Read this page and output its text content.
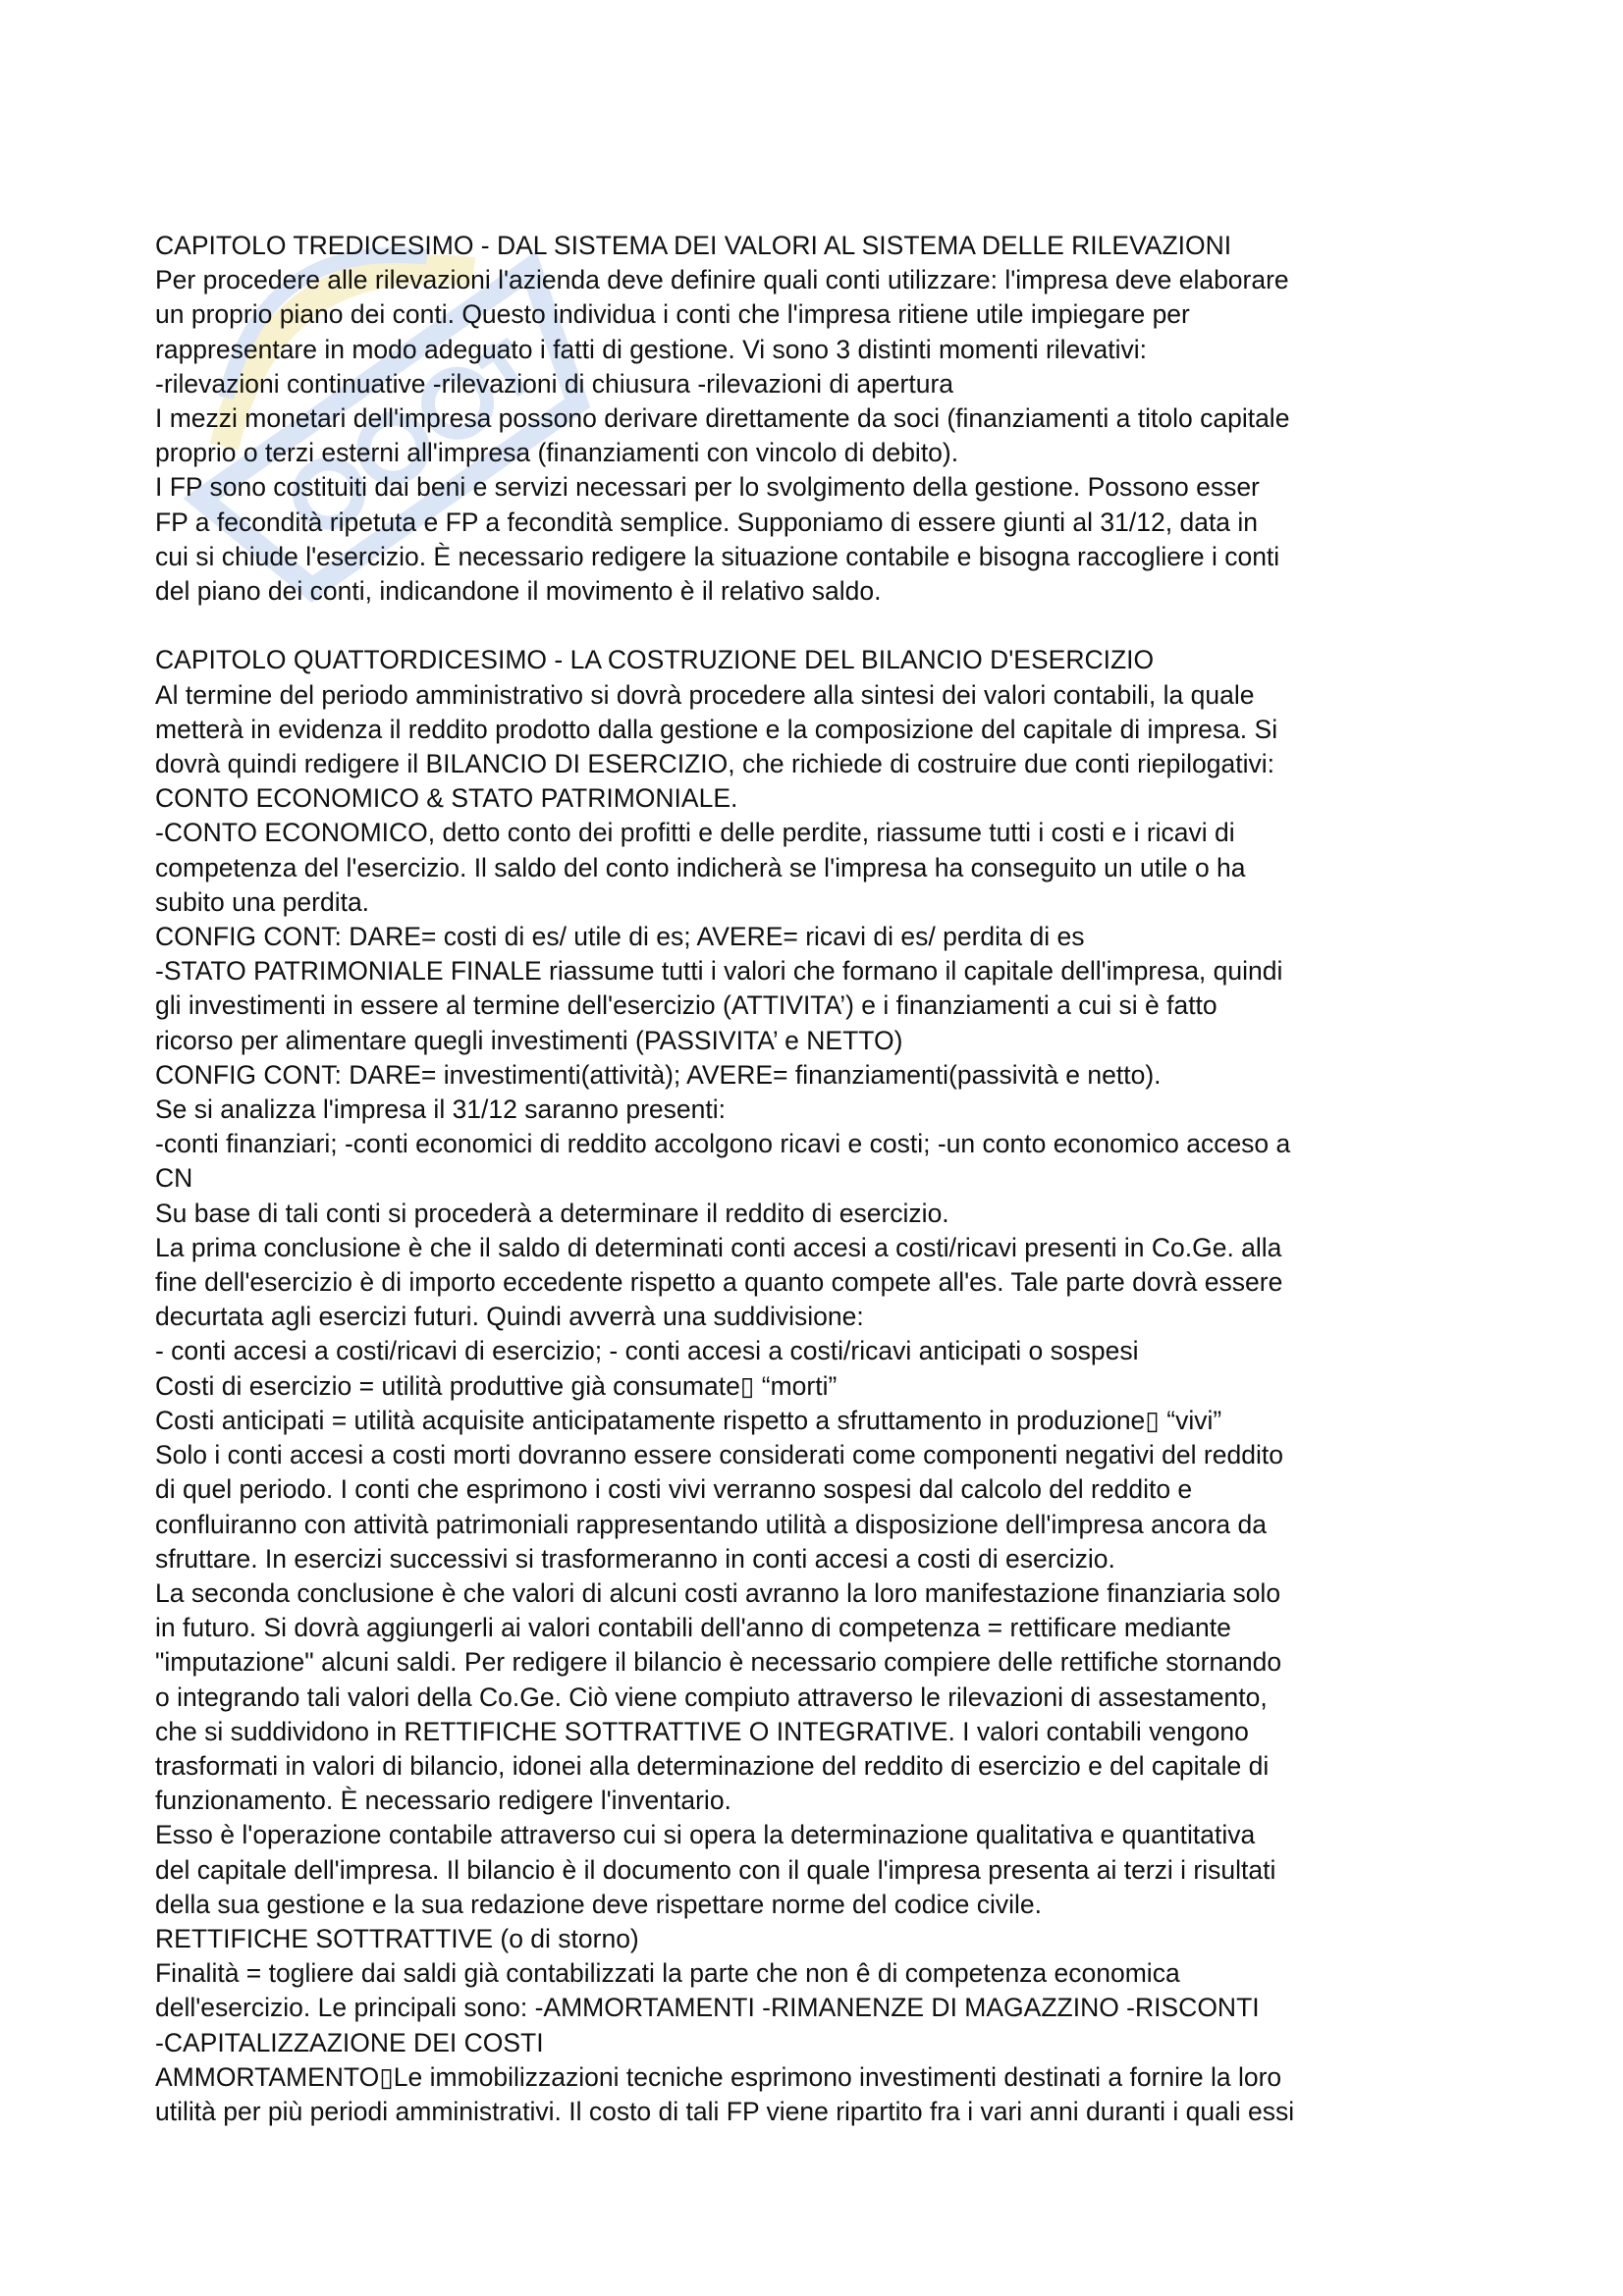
CAPITOLO TREDICESIMO - DAL SISTEMA DEI VALORI AL SISTEMA DELLE RILEVAZIONI

Per procedere alle rilevazioni l'azienda deve definire quali conti utilizzare: l'impresa deve elaborare

un proprio piano dei conti. Questo individua i conti che l'impresa ritiene utile impiegare per

rappresentare in modo adeguato i fatti di gestione. Vi sono 3 distinti momenti rilevativi:

-rilevazioni continuative -rilevazioni di chiusura -rilevazioni di apertura

I mezzi monetari dell'impresa possono derivare direttamente da soci (finanziamenti a titolo capitale

proprio o terzi esterni all'impresa (finanziamenti con vincolo di debito).

I FP sono costituiti dai beni e servizi necessari per lo svolgimento della gestione. Possono esser

FP a fecondità ripetuta e FP a fecondità semplice. Supponiamo di essere giunti al 31/12, data in

cui si chiude l'esercizio. È necessario redigere la situazione contabile e bisogna raccogliere i conti

del piano dei conti, indicandone il movimento è il relativo saldo.

CAPITOLO QUATTORDICESIMO - LA COSTRUZIONE DEL BILANCIO D'ESERCIZIO

Al termine del periodo amministrativo si dovrà procedere alla sintesi dei valori contabili, la quale

metterà in evidenza il reddito prodotto dalla gestione e la composizione del capitale di impresa. Si

dovrà quindi redigere il BILANCIO DI ESERCIZIO, che richiede di costruire due conti riepilogativi:

CONTO ECONOMICO & STATO PATRIMONIALE.

-CONTO ECONOMICO, detto conto dei profitti e delle perdite, riassume tutti i costi e i ricavi di

competenza del l'esercizio. Il saldo del conto indicherà se l'impresa ha conseguito un utile o ha

subito una perdita.

CONFIG CONT: DARE= costi di es/ utile di es; AVERE= ricavi di es/ perdita di es

-STATO PATRIMONIALE FINALE riassume tutti i valori che formano il capitale dell'impresa, quindi

gli investimenti in essere al termine dell'esercizio (ATTIVITA’) e i finanziamenti a cui si è fatto

ricorso per alimentare quegli investimenti (PASSIVITA’ e NETTO)

CONFIG CONT: DARE= investimenti(attività); AVERE= finanziamenti(passività e netto).

Se si analizza l'impresa il 31/12 saranno presenti:

-conti finanziari; -conti economici di reddito accolgono ricavi e costi; -un conto economico acceso a

CN

Su base di tali conti si procederà a determinare il reddito di esercizio.

La prima conclusione è che il saldo di determinati conti accesi a costi/ricavi presenti in Co.Ge. alla

fine dell'esercizio è di importo eccedente rispetto a quanto compete all'es. Tale parte dovrà essere

decurtata agli esercizi futuri. Quindi avverrà una suddivisione:

- conti accesi a costi/ricavi di esercizio; - conti accesi a costi/ricavi anticipati o sospesi

Costi di esercizio = utilità produttive già consumate▯ “morti”

Costi anticipati = utilità acquisite anticipatamente rispetto a sfruttamento in produzione▯ “vivi”

Solo i conti accesi a costi morti dovranno essere considerati come componenti negativi del reddito

di quel periodo. I conti che esprimono i costi vivi verranno sospesi dal calcolo del reddito e

confluiranno con attività patrimoniali rappresentando utilità a disposizione dell'impresa ancora da

sfruttare. In esercizi successivi si trasformeranno in conti accesi a costi di esercizio.

La seconda conclusione è che valori di alcuni costi avranno la loro manifestazione finanziaria solo

in futuro. Si dovrà aggiungerli ai valori contabili dell'anno di competenza = rettificare mediante

"imputazione" alcuni saldi. Per redigere il bilancio è necessario compiere delle rettifiche stornando

o integrando tali valori della Co.Ge. Ciò viene compiuto attraverso le rilevazioni di assestamento,

che si suddividono in RETTIFICHE SOTTRATTIVE O INTEGRATIVE. I valori contabili vengono

trasformati in valori di bilancio, idonei alla determinazione del reddito di esercizio e del capitale di

funzionamento. È necessario redigere l'inventario.

Esso è l'operazione contabile attraverso cui si opera la determinazione qualitativa e quantitativa

del capitale dell'impresa. Il bilancio è il documento con il quale l'impresa presenta ai terzi i risultati

della sua gestione e la sua redazione deve rispettare norme del codice civile.

RETTIFICHE SOTTRATTIVE (o di storno)

Finalità = togliere dai saldi già contabilizzati la parte che non ê di competenza economica

dell'esercizio. Le principali sono: -AMMORTAMENTI -RIMANENZE DI MAGAZZINO -RISCONTI

-CAPITALIZZAZIONE DEI COSTI

AMMORTAMENTO▯Le immobilizzazioni tecniche esprimono investimenti destinati a fornire la loro

utilità per più periodi amministrativi. Il costo di tali FP viene ripartito fra i vari anni duranti i quali essi
